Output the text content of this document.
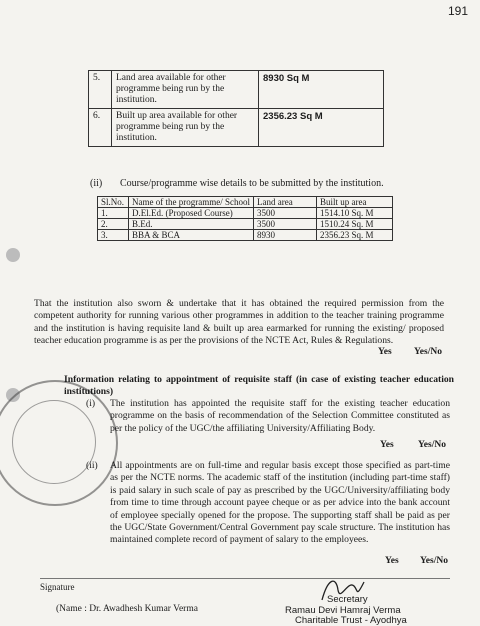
191
5.	Land area available for other programme being run by the institution.	8930 Sq M
6.	Built up area available for other programme being run by the institution.	2356.23 Sq M
(ii) Course/programme wise details to be submitted by the institution.
Sl.No.	Name of the programme/ School	Land area	Built up area
1.	D.El.Ed. (Proposed Course)	3500	1514.10 Sq. M
2.	B.Ed.	3500	1510.24 Sq. M
3.	BBA & BCA	8930	2356.23 Sq. M
That the institution also sworn & undertake that it has obtained the required permission from the competent authority for running various other programmes in addition to the teacher training programme and the institution is having requisite land & built up area earmarked for running the existing/ proposed teacher education programme is as per the provisions of the NCTE Act, Rules & Regulations.
Yes Yes/No
Information relating to appointment of requisite staff (in case of existing teacher education institutions)
(i) The institution has appointed the requisite staff for the existing teacher education programme on the basis of recommendation of the Selection Committee constituted as per the policy of the UGC/the affiliating University/Affiliating Body.
Yes	Yes/No
(ii) All appointments are on full-time and regular basis except those specified as part-time as per the NCTE norms. The academic staff of the institution (including part-time staff) is paid salary in such scale of pay as prescribed by the UGC/University/affiliating body from time to time through account payee cheque or as per advice into the bank account of employee specially opened for the propose. The supporting staff shall be paid as per the UGC/State Government/Central Government pay scale structure. The institution has maintained complete record of payment of salary to the employees.
Yes Yes/No
Signature
(Name : Dr. Awadhesh Kumar Verma
Secretary
Ramau Devi Hamraj Verma
Charitable Trust - Ayodhya
